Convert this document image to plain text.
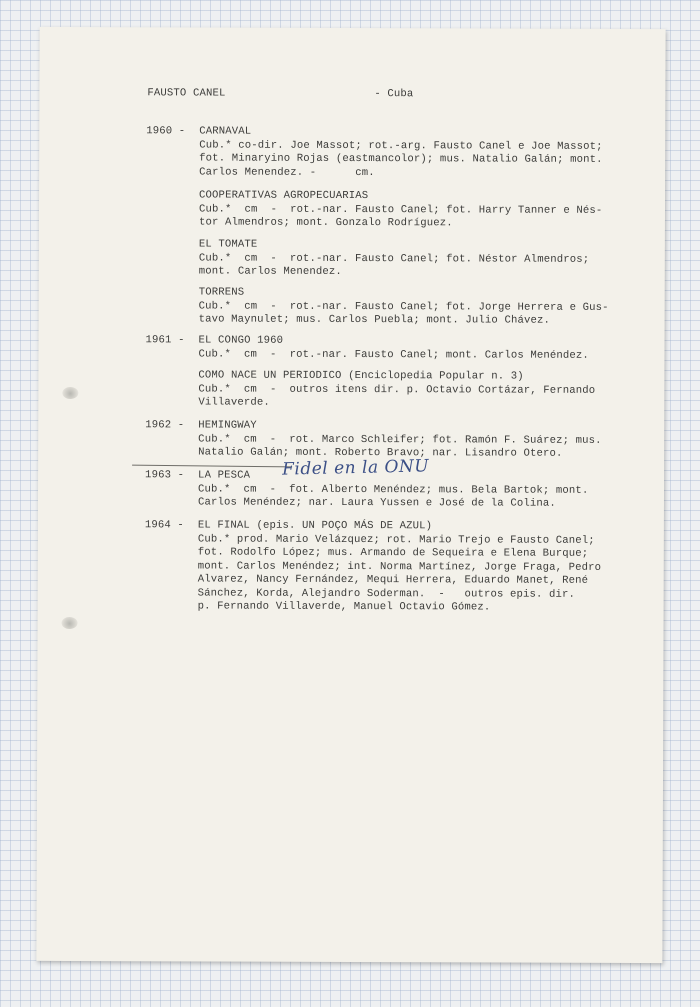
FAUSTO CANEL	- Cuba
1960 - CARNAVAL
Cub.* co-dir. Joe Massot; rot.-arg. Fausto Canel e Joe Massot;
fot. Minaryino Rojas (eastmancolor); mus. Natalio Galán; mont.
Carlos Menendez. -      cm.
COOPERATIVAS AGROPECUARIAS
Cub.*  cm  -  rot.-nar. Fausto Canel; fot. Harry Tanner e Nés-
tor Almendros; mont. Gonzalo Rodríguez.
EL TOMATE
Cub.*  cm  -  rot.-nar. Fausto Canel; fot. Néstor Almendros;
mont. Carlos Menendez.
TORRENS
Cub.*  cm  -  rot.-nar. Fausto Canel; fot. Jorge Herrera e Gus-
tavo Maynulet; mus. Carlos Puebla; mont. Julio Chávez.
1961 - EL CONGO 1960
Cub.*  cm  -  rot.-nar. Fausto Canel; mont. Carlos Menéndez.
COMO NACE UN PERIODICO (Enciclopedia Popular n. 3)
Cub.*  cm  -  outros itens dir. p. Octavio Cortázar, Fernando
Villaverde.
1962 - HEMINGWAY
Cub.*  cm  -  rot. Marco Schleifer; fot. Ramón F. Suárez; mus.
Natalio Galán; mont. Roberto Bravo; nar. Lisandro Otero.
Fidel en la ONU
1963 - LA PESCA
Cub.*  cm  -  fot. Alberto Menéndez; mus. Bela Bartok; mont.
Carlos Menéndez; nar. Laura Yussen e José de la Colina.
1964 - EL FINAL (epis. UN POÇO MÁS DE AZUL)
Cub.* prod. Mario Velázquez; rot. Mario Trejo e Fausto Canel;
fot. Rodolfo López; mus. Armando de Sequeira e Elena Burque;
mont. Carlos Menéndez; int. Norma Martínez, Jorge Fraga, Pedro
Alvarez, Nancy Fernández, Mequi Herrera, Eduardo Manet, René
Sánchez, Korda, Alejandro Soderman.  -   outros epis. dir.
p. Fernando Villaverde, Manuel Octavio Gómez.
